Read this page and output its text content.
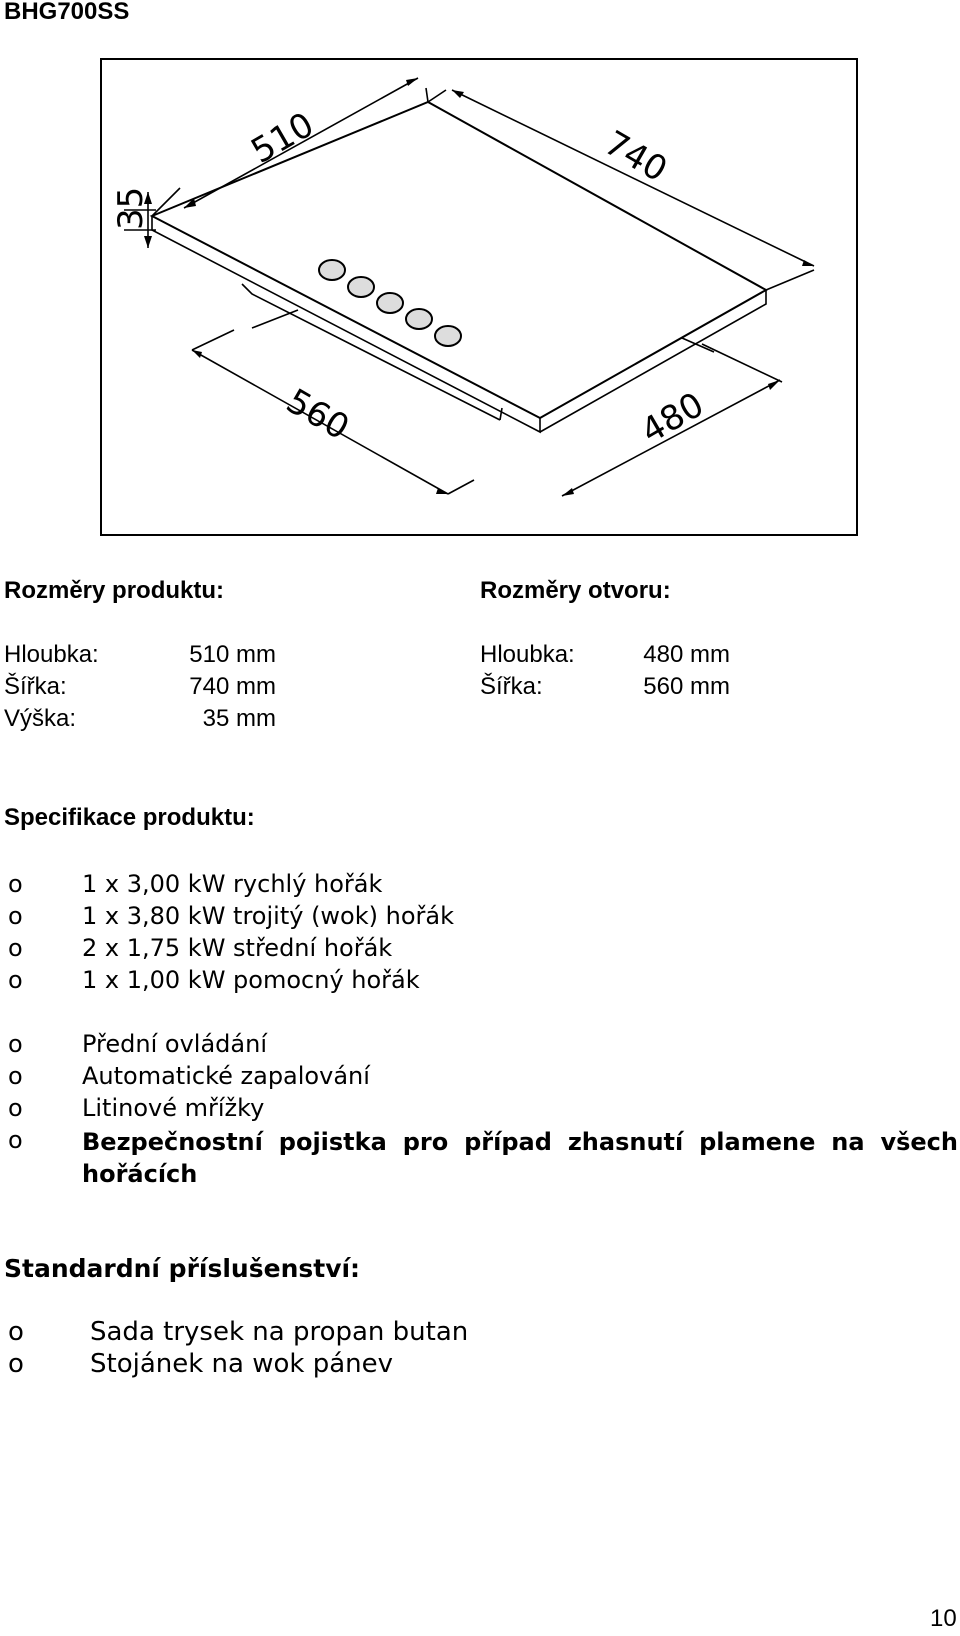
BHG700SS
510	740
35
560	480
Rozměry produktu:
Hloubka:	510 mm
Šířka:	740 mm
Výška:	35 mm
Rozměry otvoru:
Hloubka:	480 mm
Šířka:	560 mm
Specifikace produktu:
o 1 x 3,00 kW rychlý hořák
o 1 x 3,80 kW trojitý (wok) hořák
o 2 x 1,75 kW střední hořák
o 1 x 1,00 kW pomocný hořák
o Přední ovládání
o Automatické zapalování
o Litinové mřížky
o Bezpečnostní pojistka pro případ zhasnutí plamene na všech hořácích
Standardní příslušenství:
o	Sada trysek na propan butan
o	Stojánek na wok pánev
10
